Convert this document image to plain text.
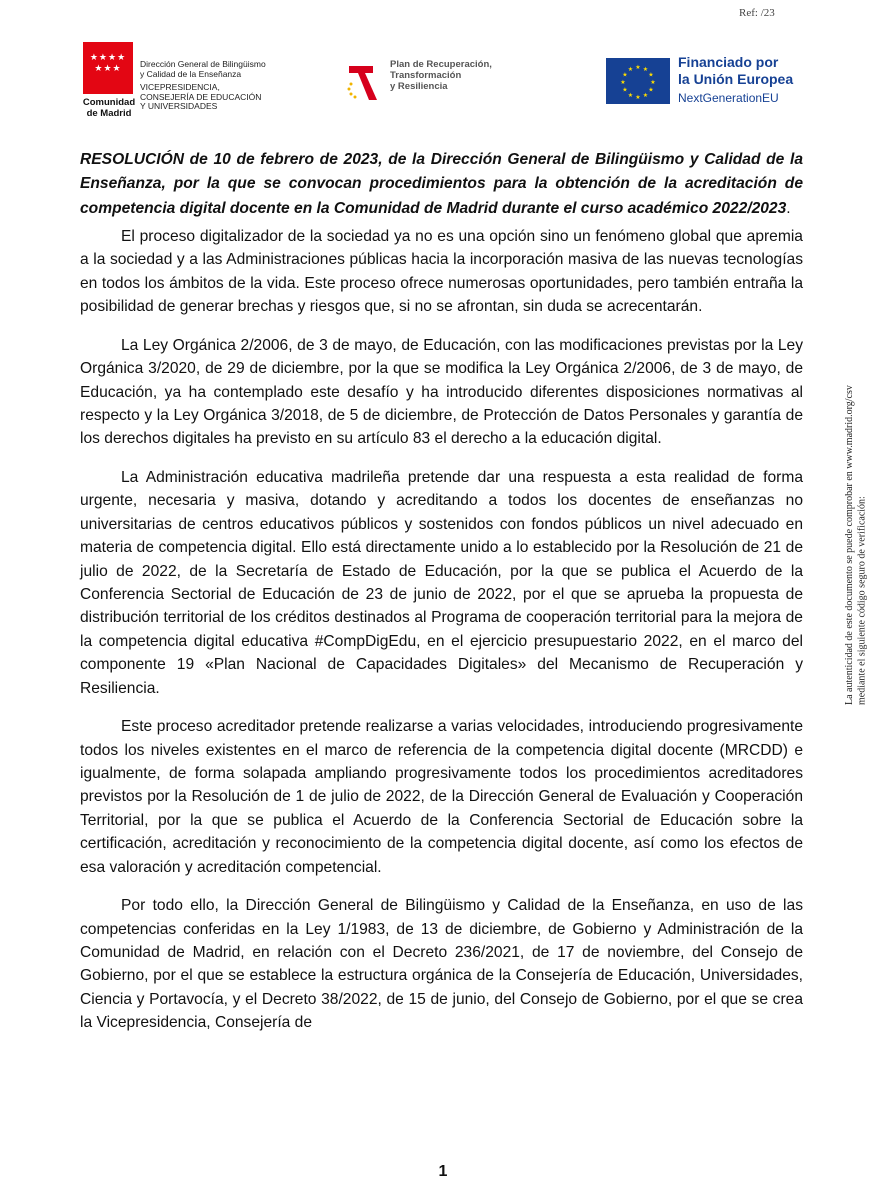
Ref: /23
★★★★
★★★
Comunidad
de Madrid
Dirección General de Bilingüismo
y Calidad de la Enseñanza
VICEPRESIDENCIA,
CONSEJERÍA DE EDUCACIÓN
Y UNIVERSIDADES
Plan de Recuperación,
Transformación
y Resiliencia
★ ★
★
★
★
★
★
★
★
★
★
★	Financiado por
la Unión Europea
NextGenerationEU

RESOLUCIÓN de 10 de febrero de 2023, de la Dirección General de Bilingüismo y Calidad de la Enseñanza, por la que se convocan procedimientos para la obtención de la acreditación de competencia digital docente en la Comunidad de Madrid durante el curso académico 2022/2023.

El proceso digitalizador de la sociedad ya no es una opción sino un fenómeno global que apremia a la sociedad y a las Administraciones públicas hacia la incorporación masiva de las nuevas tecnologías en todos los ámbitos de la vida. Este proceso ofrece numerosas oportunidades, pero también entraña la posibilidad de generar brechas y riesgos que, si no se afrontan, sin duda se acrecentarán.

La Ley Orgánica 2/2006, de 3 de mayo, de Educación, con las modificaciones previstas por la Ley Orgánica 3/2020, de 29 de diciembre, por la que se modifica la Ley Orgánica 2/2006, de 3 de mayo, de Educación, ya ha contemplado este desafío y ha introducido diferentes disposiciones normativas al respecto y la Ley Orgánica 3/2018, de 5 de diciembre, de Protección de Datos Personales y garantía de los derechos digitales ha previsto en su artículo 83 el derecho a la educación digital.

La Administración educativa madrileña pretende dar una respuesta a esta realidad de forma urgente, necesaria y masiva, dotando y acreditando a todos los docentes de enseñanzas no universitarias de centros educativos públicos y sostenidos con fondos públicos un nivel adecuado en materia de competencia digital. Ello está directamente unido a lo establecido por la Resolución de 21 de julio de 2022, de la Secretaría de Estado de Educación, por la que se publica el Acuerdo de la Conferencia Sectorial de Educación de 23 de junio de 2022, por el que se aprueba la propuesta de distribución territorial de los créditos destinados al Programa de cooperación territorial para la mejora de la competencia digital educativa #CompDigEdu, en el ejercicio presupuestario 2022, en el marco del componente 19 «Plan Nacional de Capacidades Digitales» del Mecanismo de Recuperación y Resiliencia.

Este proceso acreditador pretende realizarse a varias velocidades, introduciendo progresivamente todos los niveles existentes en el marco de referencia de la competencia digital docente (MRCDD) e igualmente, de forma solapada ampliando progresivamente todos los procedimientos acreditadores previstos por la Resolución de 1 de julio de 2022, de la Dirección General de Evaluación y Cooperación Territorial, por la que se publica el Acuerdo de la Conferencia Sectorial de Educación sobre la certificación, acreditación y reconocimiento de la competencia digital docente, así como los efectos de esa valoración y acreditación competencial.

Por todo ello, la Dirección General de Bilingüismo y Calidad de la Enseñanza, en uso de las competencias conferidas en la Ley 1/1983, de 13 de diciembre, de Gobierno y Administración de la Comunidad de Madrid, en relación con el Decreto 236/2021, de 17 de noviembre, del Consejo de Gobierno, por el que se establece la estructura orgánica de la Consejería de Educación, Universidades, Ciencia y Portavocía, y el Decreto 38/2022, de 15 de junio, del Consejo de Gobierno, por el que se crea la Vicepresidencia, Consejería de

La autenticidad de este documento se puede comprobar en www.madrid.org/csv mediante el siguiente código seguro de verificación:
1
